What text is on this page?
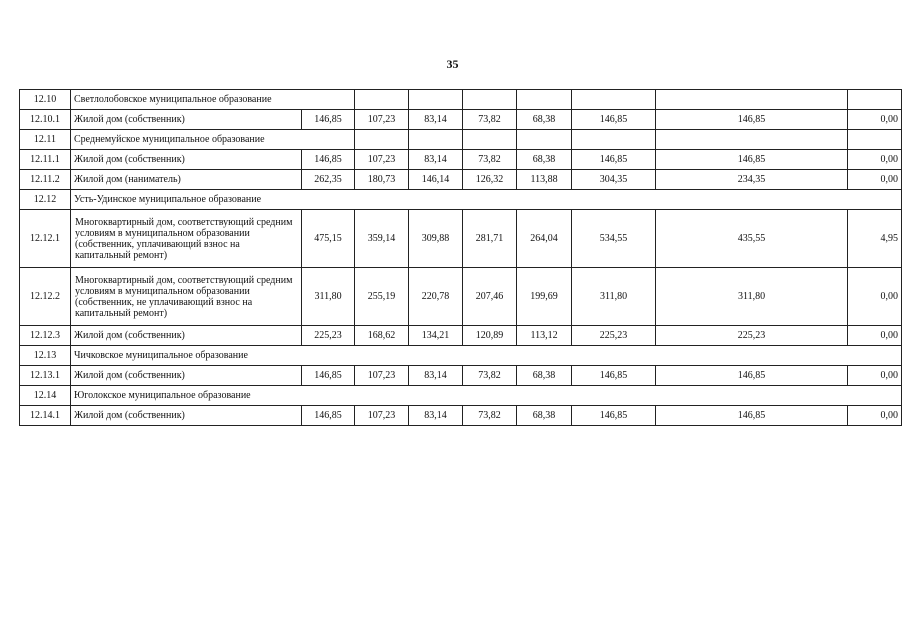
35
12.10	Светлолобовское муниципальное образование								
12.10.1	Жилой дом (собственник)	146,85	107,23	83,14	73,82	68,38	146,85	146,85	0,00
12.11	Среднемуйское муниципальное образование								
12.11.1	Жилой дом (собственник)	146,85	107,23	83,14	73,82	68,38	146,85	146,85	0,00
12.11.2	Жилой дом (наниматель)	262,35	180,73	146,14	126,32	113,88	304,35	234,35	0,00
12.12	Усть-Удинское муниципальное образование								
12.12.1	Многоквартирный дом, соответствующий средним условиям в муниципальном образовании (собственник, уплачивающий взнос на капитальный ремонт)	475,15	359,14	309,88	281,71	264,04	534,55	435,55	4,95
12.12.2	Многоквартирный дом, соответствующий средним условиям в муниципальном образовании (собственник, не уплачивающий взнос на капитальный ремонт)	311,80	255,19	220,78	207,46	199,69	311,80	311,80	0,00
12.12.3	Жилой дом (собственник)	225,23	168,62	134,21	120,89	113,12	225,23	225,23	0,00
12.13	Чичковское муниципальное образование								
12.13.1	Жилой дом (собственник)	146,85	107,23	83,14	73,82	68,38	146,85	146,85	0,00
12.14	Юголокское муниципальное образование								
12.14.1	Жилой дом (собственник)	146,85	107,23	83,14	73,82	68,38	146,85	146,85	0,00
